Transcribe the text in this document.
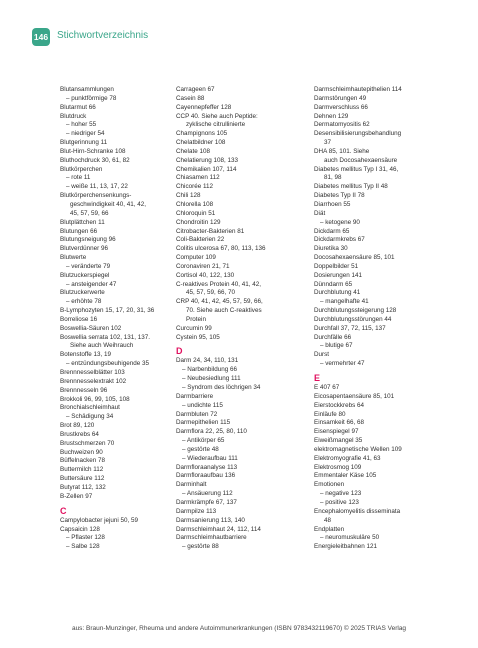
146 Stichwortverzeichnis
Blutansammlungen
– punktförmige 78
Blutarmut 66
Blutdruck
– hoher 55
– niedriger 54
Blutgerinnung 11
Blut-Hirn-Schranke 108
Bluthochdruck 30, 61, 82
Blutkörperchen
– rote 11
– weiße 11, 13, 17, 22
Blutkörperchensenkungs-
geschwindigkeit 40, 41, 42,
45, 57, 59, 66
Blutplättchen 11
Blutungen 66
Blutungsneigung 96
Blutverdünner 96
Blutwerte
– veränderte 79
Blutzuckerspiegel
– ansteigender 47
Blutzuckerwerte
– erhöhte 78
B-Lymphozyten 15, 17, 20, 31, 36
Borreliose 16
Boswellia-Säuren 102
Boswellia serrata 102, 131, 137.
Siehe auch Weihrauch
Botenstoffe 13, 19
– entzündungsbeuhigende 35
Brennnesselblätter 103
Brennnesselextrakt 102
Brennnesseln 96
Brokkoli 96, 99, 105, 108
Bronchialschleimhaut
– Schädigung 34
Brot 89, 120
Brustkrebs 64
Brustschmerzen 70
Buchweizen 90
Büffelnacken 78
Buttermilch 112
Buttersäure 112
Butyrat 112, 132
B-Zellen 97
C
Campylobacter jejuni 50, 59
Capsaicin 128
– Pflaster 128
– Salbe 128
Carrageen 67
Casein 88
Cayennepfeffer 128
CCP 40. Siehe auch Peptide:
zyklische citrullinierte
Champignons 105
Chelatbildner 108
Chelate 108
Chelatierung 108, 133
Chemikalien 107, 114
Chiasamen 112
Chicorée 112
Chili 128
Chlorella 108
Chloroquin 51
Chondroitin 129
Citrobacter-Bakterien 81
Coli-Bakterien 22
Colitis ulcerosa 67, 80, 113, 136
Computer 109
Coronaviren 21, 71
Cortisol 40, 122, 130
C-reaktives Protein 40, 41, 42,
45, 57, 59, 66, 70
CRP 40, 41, 42, 45, 57, 59, 66,
70. Siehe auch C-reaktives
Protein
Curcumin 99
Cystein 95, 105
D
Darm 24, 34, 110, 131
– Narbenbildung 66
– Neubesiedlung 111
– Syndrom des löchrigen 34
Darmbarriere
– undichte 115
Darmbluten 72
Darmepithelien 115
Darmflora 22, 25, 80, 110
– Antikörper 65
– gestörte 48
– Wiederaufbau 111
Darmfloraanalyse 113
Darmfloraaufbau 136
Darminhalt
– Ansäuerung 112
Darmkrämpfe 67, 137
Darmpilze 113
Darmsanierung 113, 140
Darmschleimhaut 24, 112, 114
Darmschleimhautbarriere
– gestörte 88
Darmschleimhautepithelien 114
Darmstörungen 49
Darmverschluss 66
Dehnen 129
Dermatomyositis 62
Desensibilisierungsbehandlung
37
DHA 85, 101. Siehe
auch Docosahexaensäure
Diabetes mellitus Typ I 31, 46,
81, 98
Diabetes mellitus Typ II 48
Diabetes Typ II 78
Diarrhoen 55
Diät
– ketogene 90
Dickdarm 65
Dickdarmkrebs 67
Diuretika 30
Docosahexaensäure 85, 101
Doppelbilder 51
Dosierungen 141
Dünndarm 65
Durchblutung 41
– mangelhafte 41
Durchblutungssteigerung 128
Durchblutungsstörungen 44
Durchfall 37, 72, 115, 137
Durchfälle 66
– blutige 67
Durst
– vermehrter 47
E
E 407 67
Eicosapentaensäure 85, 101
Eierstockkrebs 64
Einläufe 80
Einsamkeit 66, 68
Eisenspiegel 97
Eiweißmangel 35
elektromagnetische Wellen 109
Elektromyografie 41, 63
Elektrosmog 109
Emmentaler Käse 105
Emotionen
– negative 123
– positive 123
Encephalomyelitis disseminata
48
Endplatten
– neuromuskuläre 50
Energieleitbahnen 121
aus: Braun-Munzinger, Rheuma und andere Autoimmunerkrankungen (ISBN 9783432119670) © 2025 TRIAS Verlag
